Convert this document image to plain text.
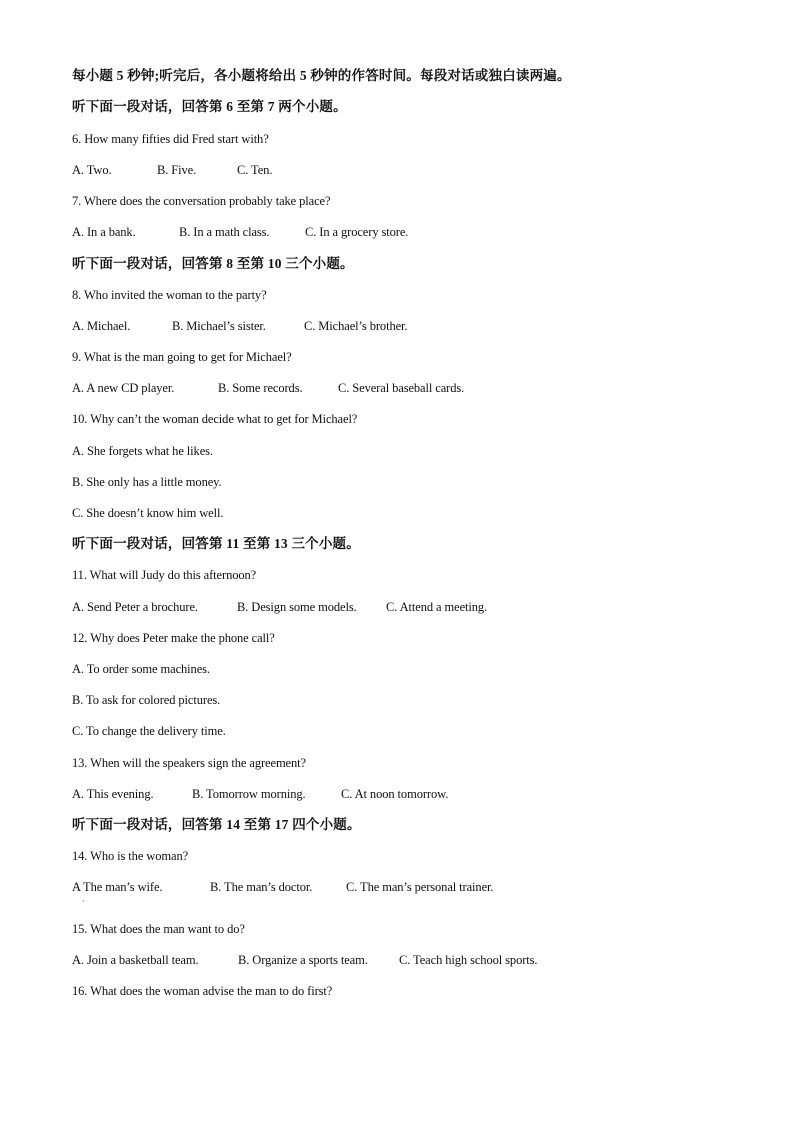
每小题 5 秒钟;听完后，各小题将给出 5 秒钟的作答时间。每段对话或独白读两遍。
听下面一段对话，回答第 6 至第 7 两个小题。
6. How many fifties did Fred start with?
A. Two.	B. Five.	C. Ten.
7. Where does the conversation probably take place?
A. In a bank.	B. In a math class.	C. In a grocery store.
听下面一段对话，回答第 8 至第 10 三个小题。
8. Who invited the woman to the party?
A. Michael.	B. Michael’s sister.	C. Michael’s brother.
9. What is the man going to get for Michael?
A. A new CD player.	B. Some records.	C. Several baseball cards.
10. Why can’t the woman decide what to get for Michael?
A. She forgets what he likes.
B. She only has a little money.
C. She doesn’t know him well.
听下面一段对话，回答第 11 至第 13 三个小题。
11. What will Judy do this afternoon?
A. Send Peter a brochure.	B. Design some models. C. Attend a meeting.
12. Why does Peter make the phone call?
A. To order some machines.
B. To ask for colored pictures.
C. To change the delivery time.
13. When will the speakers sign the agreement?
A. This evening.	B. Tomorrow morning.	C. At noon tomorrow.
听下面一段对话，回答第 14 至第 17 四个小题。
14. Who is the woman?
A The man’s wife.	B. The man’s doctor.	C. The man’s personal trainer.
·
15. What does the man want to do?
A. Join a basketball team.	B. Organize a sports team. C. Teach high school sports.
16. What does the woman advise the man to do first?
